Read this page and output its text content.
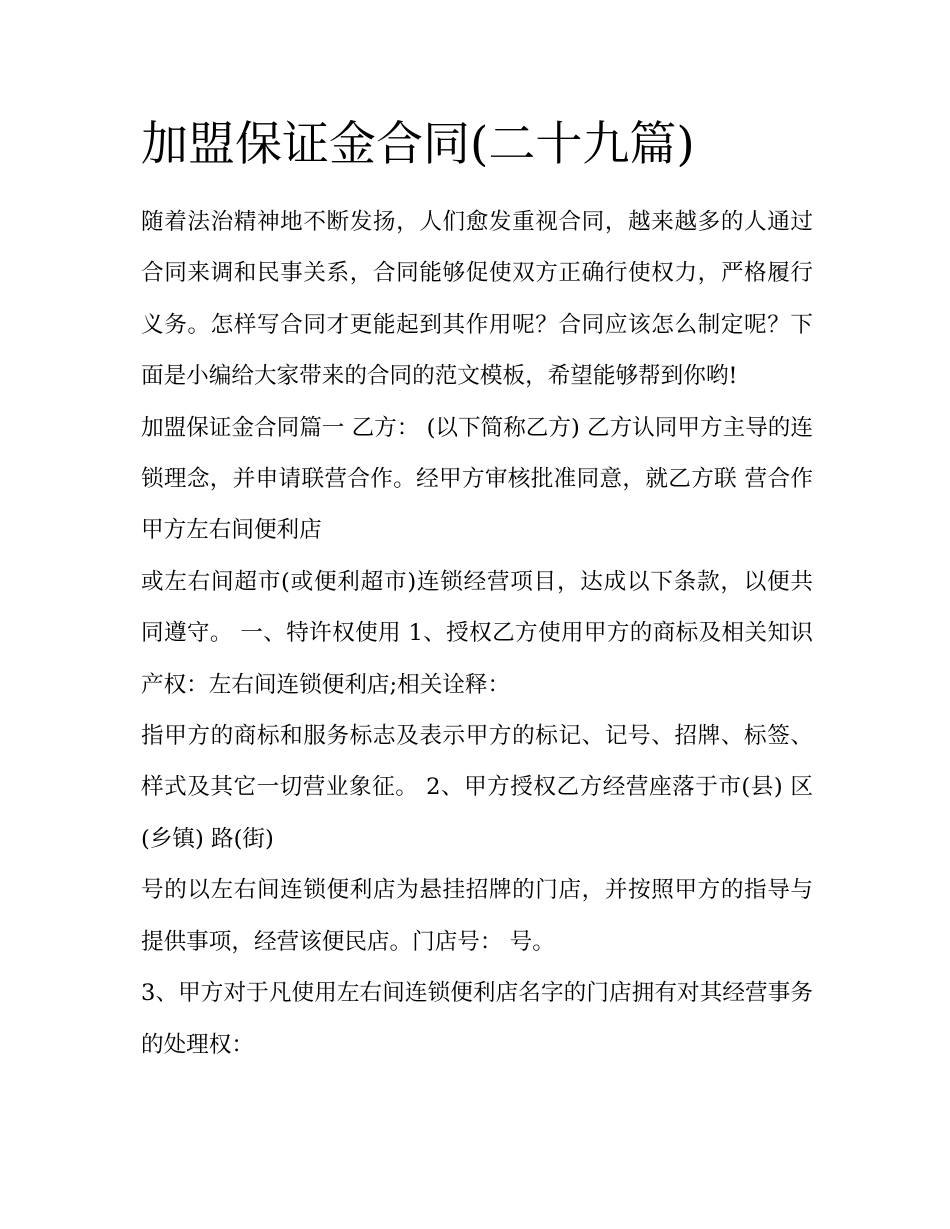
加盟保证金合同(二十九篇)

随着法治精神地不断发扬，人们愈发重视合同，越来越多的人通过合同来调和民事关系，合同能够促使双方正确行使权力，严格履行义务。怎样写合同才更能起到其作用呢？合同应该怎么制定呢？下面是小编给大家带来的合同的范文模板，希望能够帮到你哟!

加盟保证金合同篇一 乙方： (以下简称乙方) 乙方认同甲方主导的连锁理念，并申请联营合作。经甲方审核批准同意，就乙方联 营合作甲方左右间便利店

或左右间超市(或便利超市)连锁经营项目，达成以下条款，以便共同遵守。 一、特许权使用 1、授权乙方使用甲方的商标及相关知识产权：左右间连锁便利店;相关诠释：

指甲方的商标和服务标志及表示甲方的标记、记号、招牌、标签、样式及其它一切营业象征。 2、甲方授权乙方经营座落于市(县) 区(乡镇) 路(街)

号的以左右间连锁便利店为悬挂招牌的门店，并按照甲方的指导与提供事项，经营该便民店。门店号： 号。

3、甲方对于凡使用左右间连锁便利店名字的门店拥有对其经营事务的处理权：
